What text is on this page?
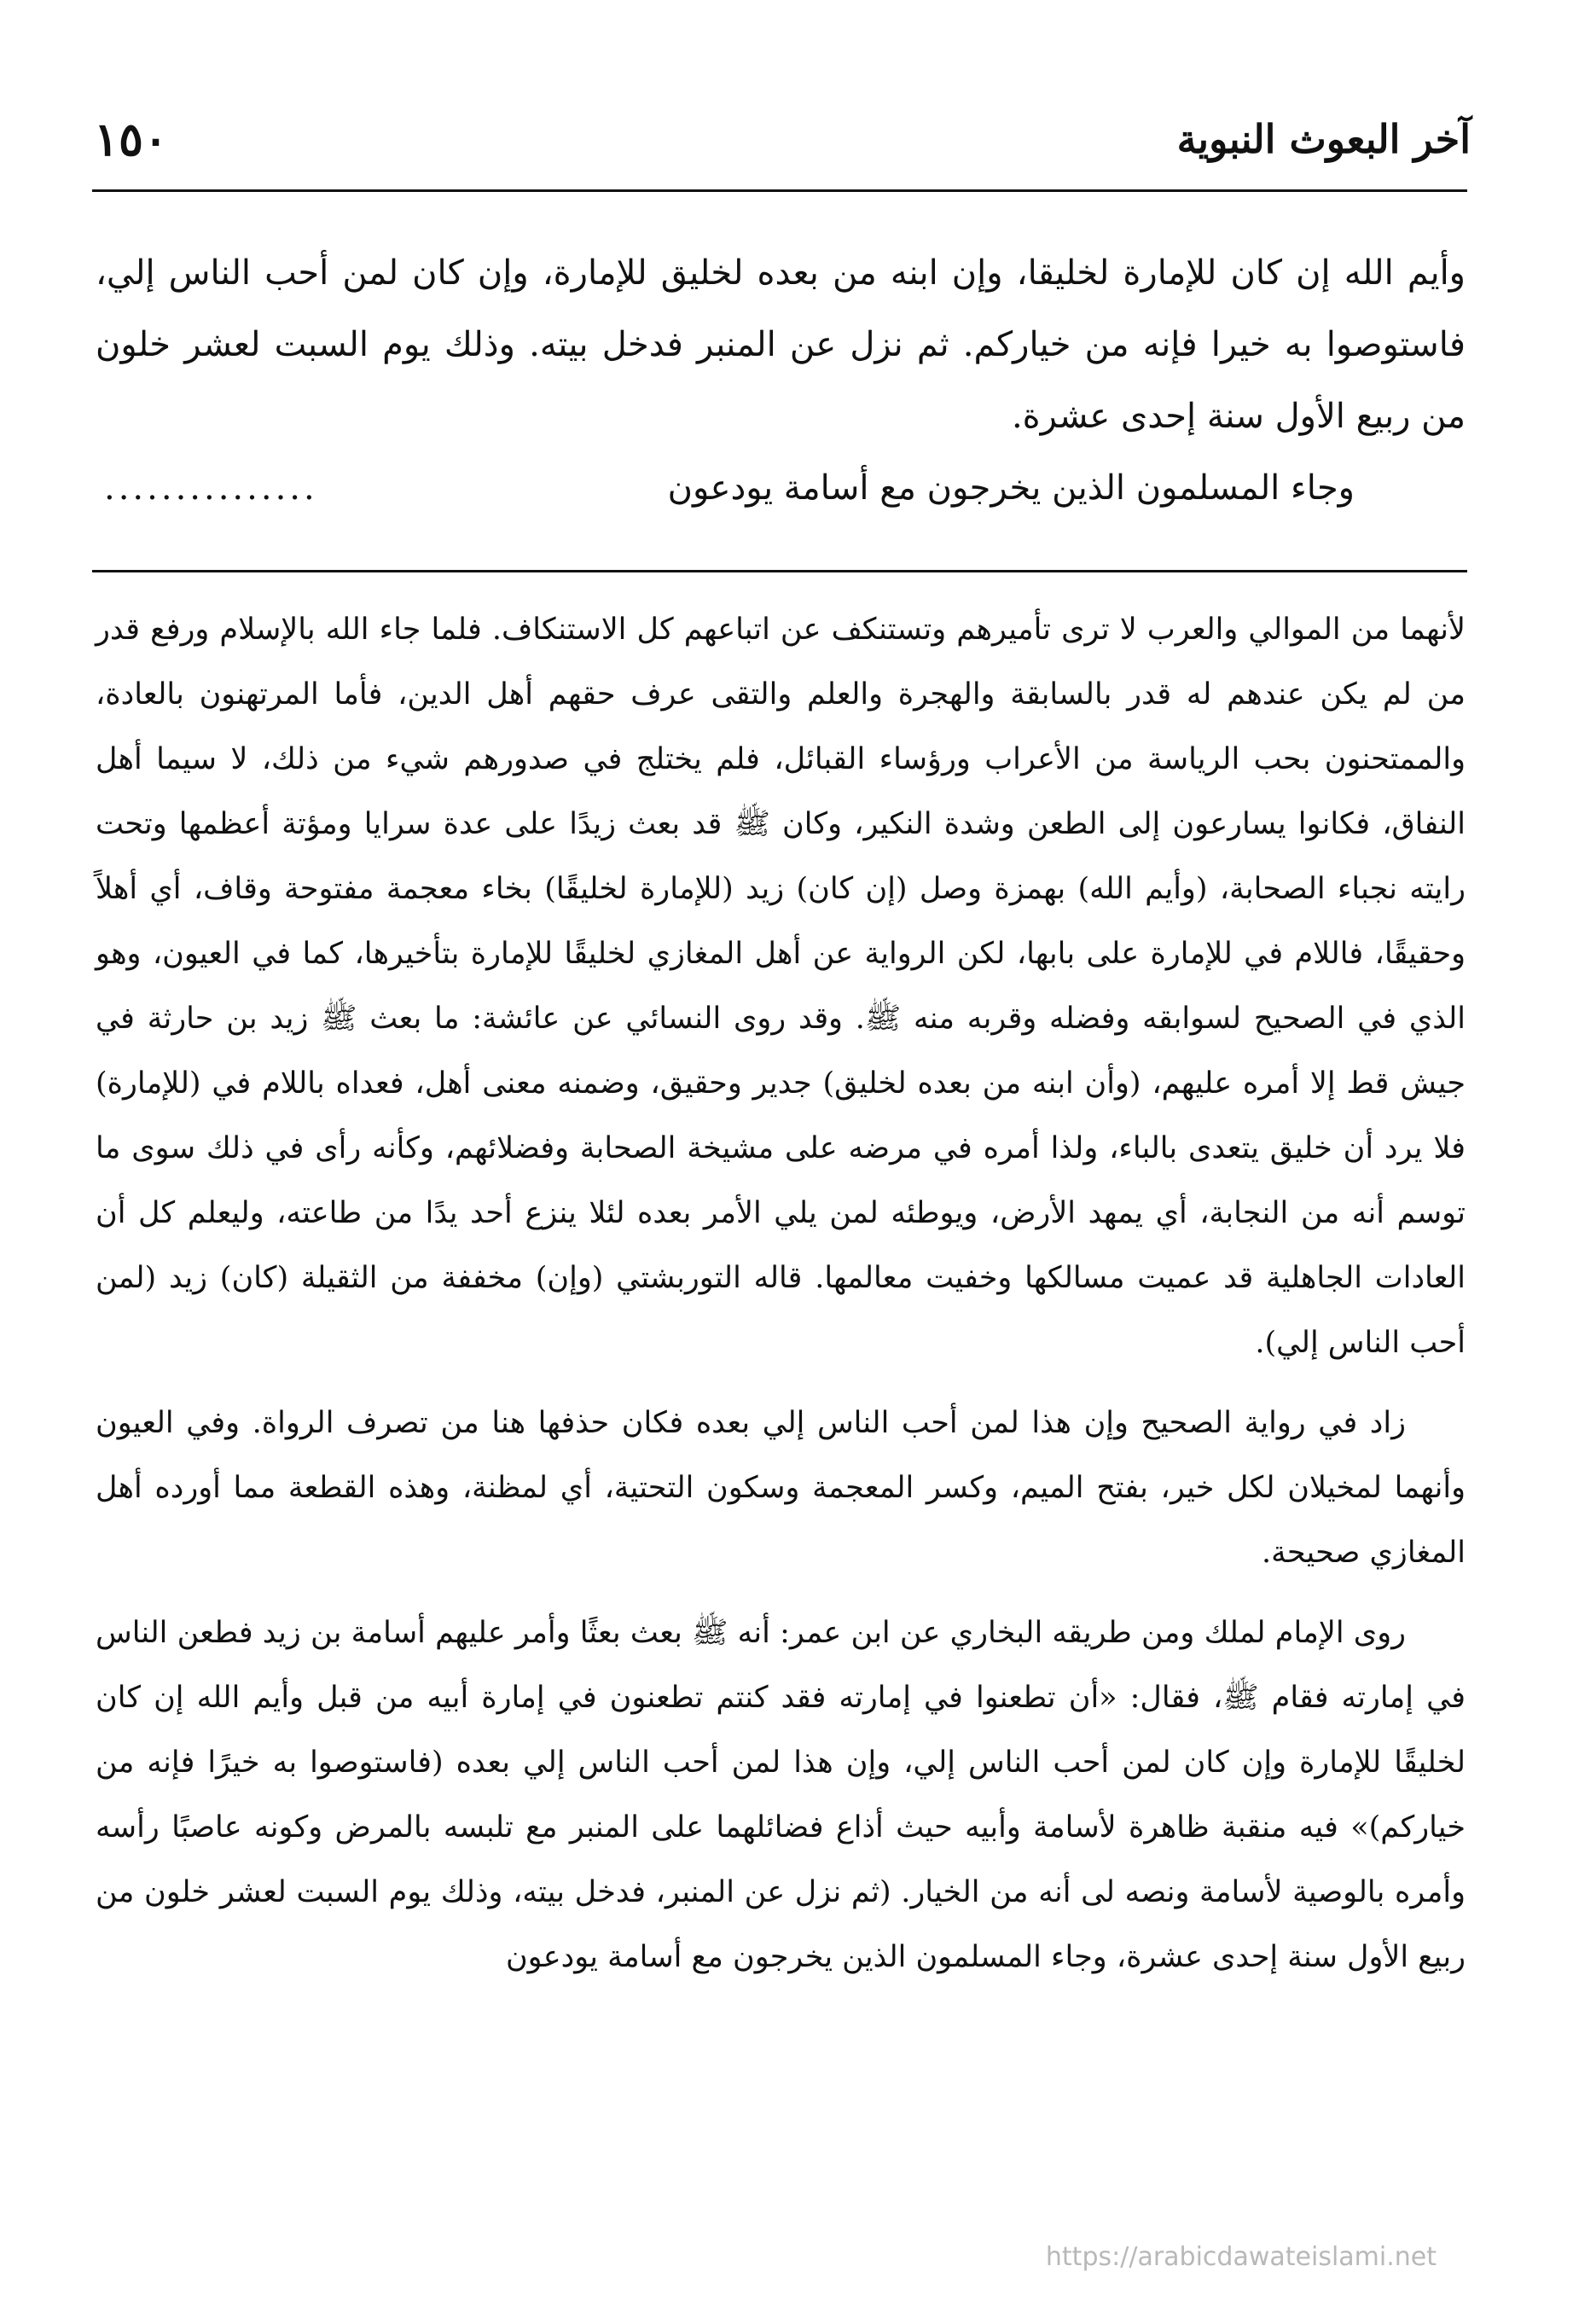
آخر البعوث النبوية
١٥٠

وأيم الله إن كان للإمارة لخليقا، وإن ابنه من بعده لخليق للإمارة، وإن كان لمن أحب الناس إلي، فاستوصوا به خيرا فإنه من خياركم. ثم نزل عن المنبر فدخل بيته. وذلك يوم السبت لعشر خلون من ربيع الأول سنة إحدى عشرة.

وجاء المسلمون الذين يخرجون مع أسامة يودعون
...............

لأنهما من الموالي والعرب لا ترى تأميرهم وتستنكف عن اتباعهم كل الاستنكاف. فلما جاء الله بالإسلام ورفع قدر من لم يكن عندهم له قدر بالسابقة والهجرة والعلم والتقى عرف حقهم أهل الدين، فأما المرتهنون بالعادة، والممتحنون بحب الرياسة من الأعراب ورؤساء القبائل، فلم يختلج في صدورهم شيء من ذلك، لا سيما أهل النفاق، فكانوا يسارعون إلى الطعن وشدة النكير، وكان ﷺ قد بعث زيدًا على عدة سرايا ومؤتة أعظمها وتحت رايته نجباء الصحابة، (وأيم الله) بهمزة وصل (إن كان) زيد (للإمارة لخليقًا) بخاء معجمة مفتوحة وقاف، أي أهلاً وحقيقًا، فاللام في للإمارة على بابها، لكن الرواية عن أهل المغازي لخليقًا للإمارة بتأخيرها، كما في العيون، وهو الذي في الصحيح لسوابقه وفضله وقربه منه ﷺ. وقد روى النسائي عن عائشة: ما بعث ﷺ زيد بن حارثة في جيش قط إلا أمره عليهم، (وأن ابنه من بعده لخليق) جدير وحقيق، وضمنه معنى أهل، فعداه باللام في (للإمارة) فلا يرد أن خليق يتعدى بالباء، ولذا أمره في مرضه على مشيخة الصحابة وفضلائهم، وكأنه رأى في ذلك سوى ما توسم أنه من النجابة، أي يمهد الأرض، ويوطئه لمن يلي الأمر بعده لئلا ينزع أحد يدًا من طاعته، وليعلم كل أن العادات الجاهلية قد عميت مسالكها وخفيت معالمها. قاله التوربشتي (وإن) مخففة من الثقيلة (كان) زيد (لمن أحب الناس إلي).

زاد في رواية الصحيح وإن هذا لمن أحب الناس إلي بعده فكان حذفها هنا من تصرف الرواة. وفي العيون وأنهما لمخيلان لكل خير، بفتح الميم، وكسر المعجمة وسكون التحتية، أي لمظنة، وهذه القطعة مما أورده أهل المغازي صحيحة.

روى الإمام لملك ومن طريقه البخاري عن ابن عمر: أنه ﷺ بعث بعثًا وأمر عليهم أسامة بن زيد فطعن الناس في إمارته فقام ﷺ، فقال: «أن تطعنوا في إمارته فقد كنتم تطعنون في إمارة أبيه من قبل وأيم الله إن كان لخليقًا للإمارة وإن كان لمن أحب الناس إلي، وإن هذا لمن أحب الناس إلي بعده (فاستوصوا به خيرًا فإنه من خياركم)» فيه منقبة ظاهرة لأسامة وأبيه حيث أذاع فضائلهما على المنبر مع تلبسه بالمرض وكونه عاصبًا رأسه وأمره بالوصية لأسامة ونصه لى أنه من الخيار. (ثم نزل عن المنبر، فدخل بيته، وذلك يوم السبت لعشر خلون من ربيع الأول سنة إحدى عشرة، وجاء المسلمون الذين يخرجون مع أسامة يودعون

https://arabicdawateislami.net
